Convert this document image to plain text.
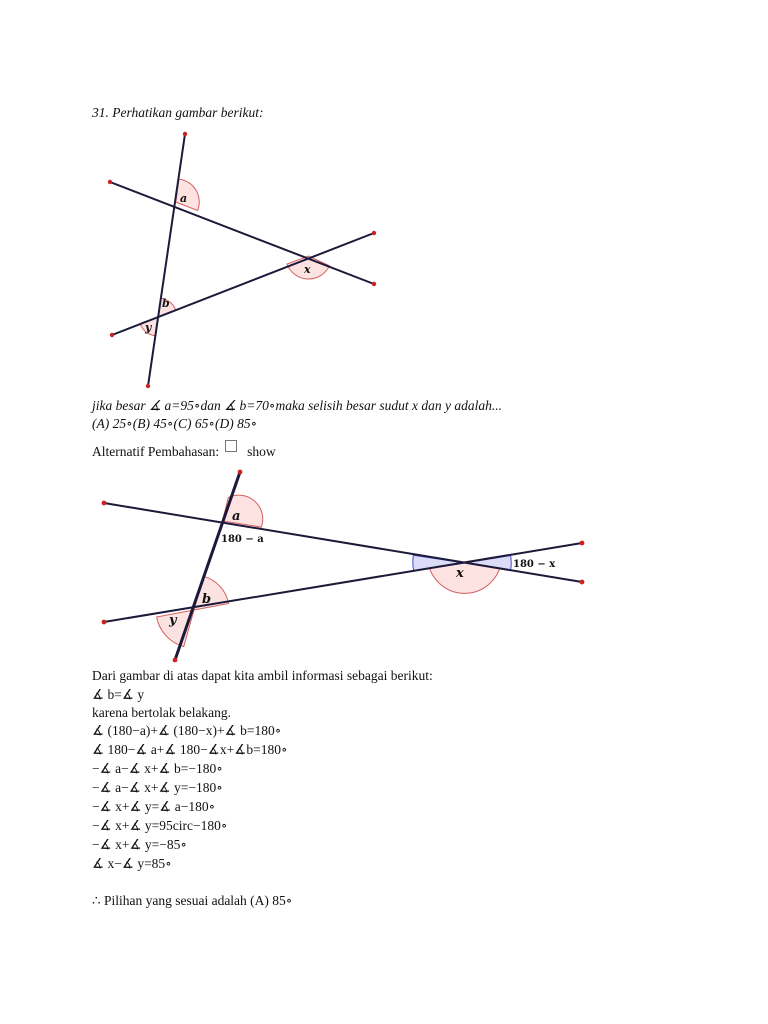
31. Perhatikan gambar berikut:
a
x
b
y
jika besar ∡ a=95∘dan ∡ b=70∘maka selisih besar sudut x dan y adalah...
(A) 25∘(B) 45∘(C) 65∘(D) 85∘
Alternatif Pembahasan: show
a
180 − a
x
180 − x
b
y
Dari gambar di atas dapat kita ambil informasi sebagai berikut:
∡ b=∡ y
karena bertolak belakang.
∡ (180−a)+∡ (180−x)+∡ b=180∘
∡ 180−∡ a+∡ 180−∡x+∡b=180∘
−∡ a−∡ x+∡ b=−180∘
−∡ a−∡ x+∡ y=−180∘
−∡ x+∡ y=∡ a−180∘
−∡ x+∡ y=95circ−180∘
−∡ x+∡ y=−85∘
∡ x−∡ y=85∘
∴ Pilihan yang sesuai adalah (A) 85∘
